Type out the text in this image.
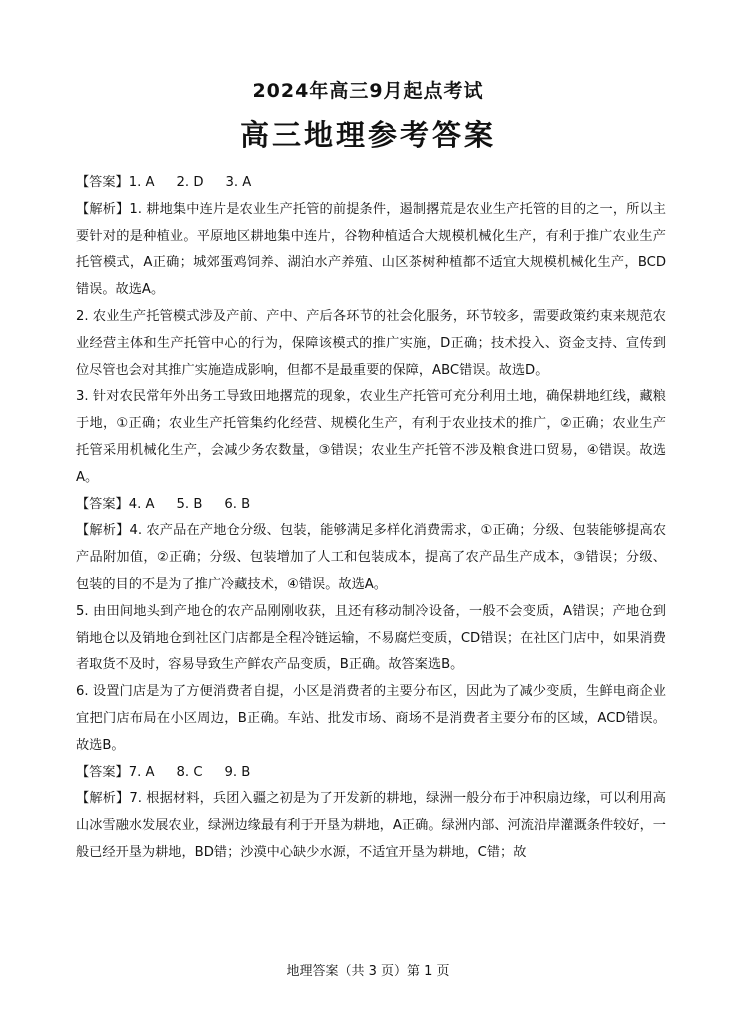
2024年高三9月起点考试
高三地理参考答案

【答案】1. A 2. D 3. A

【解析】1. 耕地集中连片是农业生产托管的前提条件，遏制撂荒是农业生产托管的目的之一，所以主要针对的是种植业。平原地区耕地集中连片，谷物种植适合大规模机械化生产，有利于推广农业生产托管模式，A正确；城郊蛋鸡饲养、湖泊水产养殖、山区茶树种植都不适宜大规模机械化生产，BCD错误。故选A。

2. 农业生产托管模式涉及产前、产中、产后各环节的社会化服务，环节较多，需要政策约束来规范农业经营主体和生产托管中心的行为，保障该模式的推广实施，D正确；技术投入、资金支持、宣传到位尽管也会对其推广实施造成影响，但都不是最重要的保障，ABC错误。故选D。

3. 针对农民常年外出务工导致田地撂荒的现象，农业生产托管可充分利用土地，确保耕地红线，藏粮于地，①正确；农业生产托管集约化经营、规模化生产，有利于农业技术的推广，②正确；农业生产托管采用机械化生产，会减少务农数量，③错误；农业生产托管不涉及粮食进口贸易，④错误。故选A。

【答案】4. A 5. B 6. B

【解析】4. 农产品在产地仓分级、包装，能够满足多样化消费需求，①正确；分级、包装能够提高农产品附加值，②正确；分级、包装增加了人工和包装成本，提高了农产品生产成本，③错误；分级、包装的目的不是为了推广冷藏技术，④错误。故选A。

5. 由田间地头到产地仓的农产品刚刚收获，且还有移动制冷设备，一般不会变质，A错误；产地仓到销地仓以及销地仓到社区门店都是全程冷链运输，不易腐烂变质，CD错误；在社区门店中，如果消费者取货不及时，容易导致生产鲜农产品变质，B正确。故答案选B。

6. 设置门店是为了方便消费者自提，小区是消费者的主要分布区，因此为了减少变质，生鲜电商企业宜把门店布局在小区周边，B正确。车站、批发市场、商场不是消费者主要分布的区域，ACD错误。故选B。

【答案】7. A 8. C 9. B

【解析】7. 根据材料，兵团入疆之初是为了开发新的耕地，绿洲一般分布于冲积扇边缘，可以利用高山冰雪融水发展农业，绿洲边缘最有利于开垦为耕地，A正确。绿洲内部、河流沿岸灌溉条件较好，一般已经开垦为耕地，BD错；沙漠中心缺少水源，不适宜开垦为耕地，C错；故

地理答案（共 3 页）第 1 页
